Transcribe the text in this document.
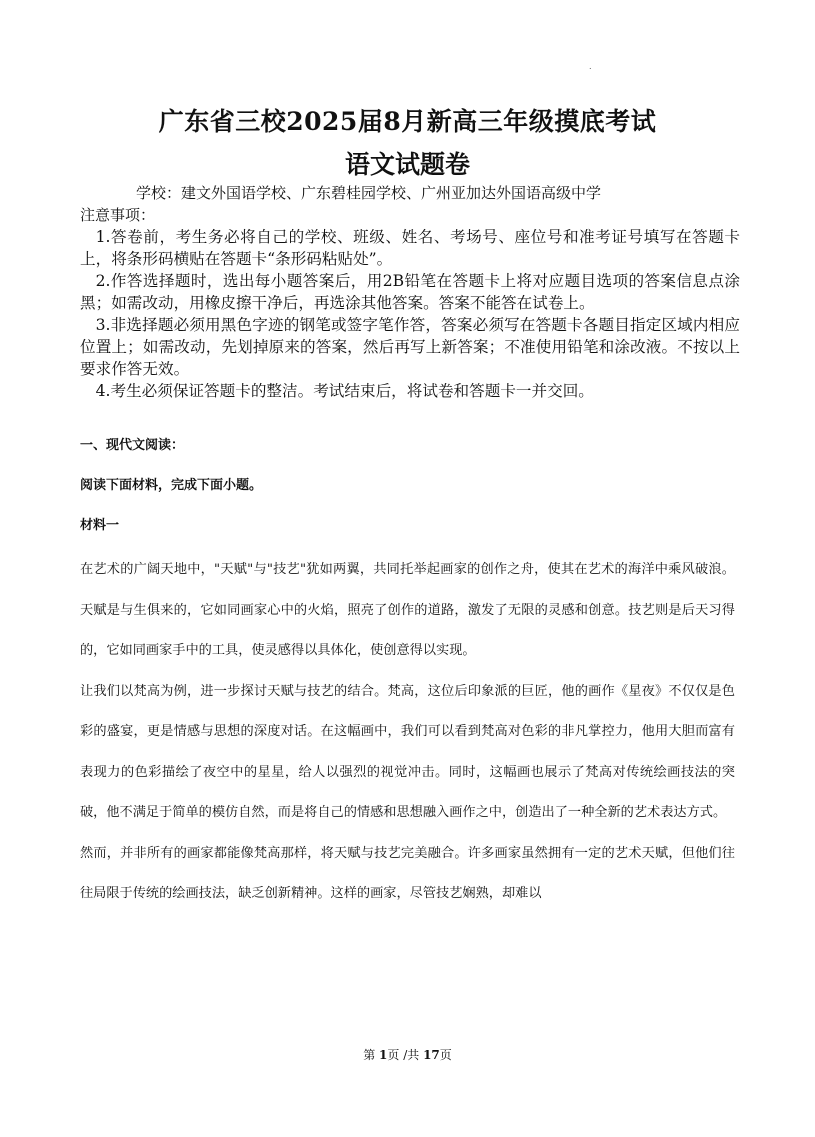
.
广东省三校2025届8月新高三年级摸底考试
语文试题卷
学校：建文外国语学校、广东碧桂园学校、广州亚加达外国语高级中学
注意事项：

1.答卷前，考生务必将自己的学校、班级、姓名、考场号、座位号和准考证号填写在答题卡上，将条形码横贴在答题卡“条形码粘贴处”。

2.作答选择题时，选出每小题答案后，用2B铅笔在答题卡上将对应题目选项的答案信息点涂黑；如需改动，用橡皮擦干净后，再选涂其他答案。答案不能答在试卷上。

3.非选择题必须用黑色字迹的钢笔或签字笔作答，答案必须写在答题卡各题目指定区域内相应位置上；如需改动，先划掉原来的答案，然后再写上新答案；不准使用铅笔和涂改液。不按以上要求作答无效。

4.考生必须保证答题卡的整洁。考试结束后，将试卷和答题卡一并交回。

一、现代文阅读：
阅读下面材料，完成下面小题。
材料一

在艺术的广阔天地中，"天赋"与"技艺"犹如两翼，共同托举起画家的创作之舟，使其在艺术的海洋中乘风破浪。天赋是与生俱来的，它如同画家心中的火焰，照亮了创作的道路，激发了无限的灵感和创意。技艺则是后天习得的，它如同画家手中的工具，使灵感得以具体化，使创意得以实现。

让我们以梵高为例，进一步探讨天赋与技艺的结合。梵高，这位后印象派的巨匠，他的画作《星夜》不仅仅是色彩的盛宴，更是情感与思想的深度对话。在这幅画中，我们可以看到梵高对色彩的非凡掌控力，他用大胆而富有表现力的色彩描绘了夜空中的星星，给人以强烈的视觉冲击。同时，这幅画也展示了梵高对传统绘画技法的突破，他不满足于简单的模仿自然，而是将自己的情感和思想融入画作之中，创造出了一种全新的艺术表达方式。

然而，并非所有的画家都能像梵高那样，将天赋与技艺完美融合。许多画家虽然拥有一定的艺术天赋，但他们往往局限于传统的绘画技法，缺乏创新精神。这样的画家，尽管技艺娴熟，却难以

第 1页 /共 17页
